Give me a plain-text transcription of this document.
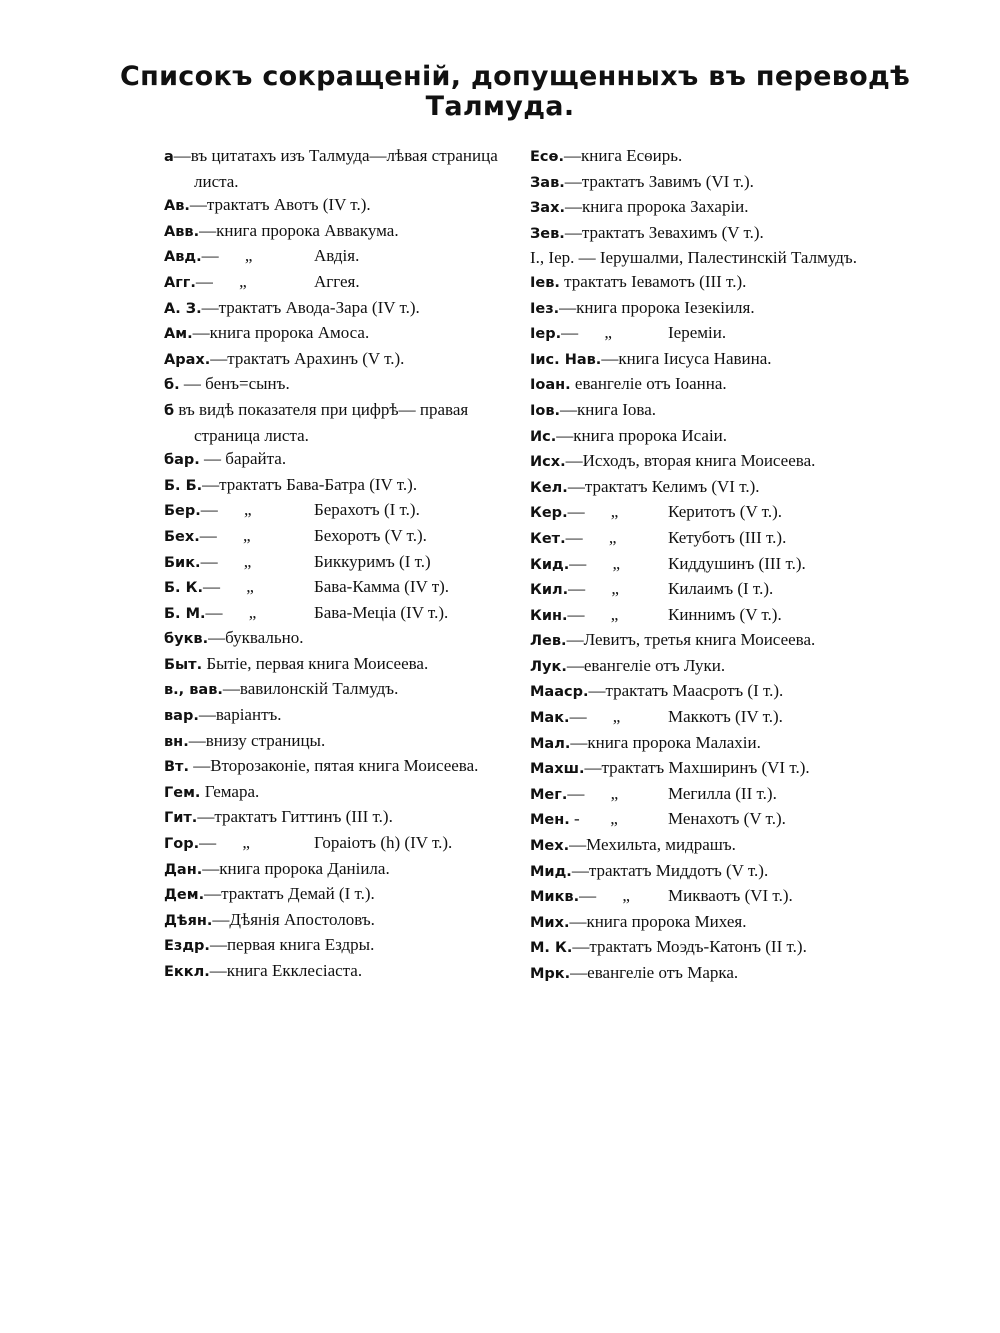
Списокъ сокращеній, допущенныхъ въ переводѣ
Талмуда.
а—въ цитатахъ изъ Талмуда—лѣвая страница листа.
Ав.—трактатъ Авотъ (IV т.).
Авв.—книга пророка Аввакума.
Авд.— „	Авдія.
Агг.— „	Аггея.
А. З.—трактатъ Авода-Зара (IV т.).
Ам.—книга пророка Амоса.
Арах.—трактатъ Арахинъ (V т.).
б. — бенъ=сынъ.
б въ видѣ показателя при цифрѣ— правая страница листа.
бар. — барайта.
Б. Б.—трактатъ Бава-Батра (IV т.).
Бер.— „	Берахотъ (I т.).
Бех.— „	Бехоротъ (V т.).
Бик.— „	Биккуримъ (I т.)
Б. К.— „	Бава-Камма (IV т).
Б. М.— „	Бава-Меціа (IV т.).
букв.—буквально.
Быт. Бытіе, первая книга Моисеева.
в., вав.—вавилонскій Талмудъ.
вар.—варіантъ.
вн.—внизу страницы.
Вт. —Второзаконіе, пятая книга Моисеева.
Гем. Гемара.
Гит.—трактатъ Гиттинъ (III т.).
Гор.— „	Гораіотъ (h) (IV т.).
Дан.—книга пророка Даніила.
Дем.—трактатъ Демай (I т.).
Дѣян.—Дѣянія Апостоловъ.
Ездр.—первая книга Ездры.
Еккл.—книга Екклесіаста.
Есѳ.—книга Есѳирь.
Зав.—трактатъ Завимъ (VI т.).
Зах.—книга пророка Захаріи.
Зев.—трактатъ Зевахимъ (V т.).
I., Iер. — Iерушалми, Палестинскій Талмудъ.
Iев. трактатъ Iевамотъ (III т.).
Iез.—книга пророка Iезекіиля.
Iер.— „	Iереміи.
Iис. Нав.—книга Iисуса Навина.
Iоан. евангеліе отъ Iоанна.
Iов.—книга Iова.
Ис.—книга пророка Исаіи.
Исх.—Исходъ, вторая книга Моисеева.
Кел.—трактатъ Келимъ (VI т.).
Кер.— „	Керитотъ (V т.).
Кет.— „	Кетуботъ (III т.).
Кид.— „	Киддушинъ (III т.).
Кил.— „	Килаимъ (I т.).
Кин.— „	Киннимъ (V т.).
Лев.—Левитъ, третья книга Моисеева.
Лук.—евангеліе отъ Луки.
Мааср.—трактатъ Маасротъ (I т.).
Мак.— „	Маккотъ (IV т.).
Мал.—книга пророка Малахіи.
Махш.—трактатъ Махширинъ (VI т.).
Мег.— „	Мегилла (II т.).
Мен. - „	Менахотъ (V т.).
Мех.—Мехильта, мидрашъ.
Мид.—трактатъ Миддотъ (V т.).
Микв.— „ Микваотъ (VI т.).
Мих.—книга пророка Михея.
М. К.—трактатъ Моэдъ-Катонъ (II т.).
Мрк.—евангеліе отъ Марка.
